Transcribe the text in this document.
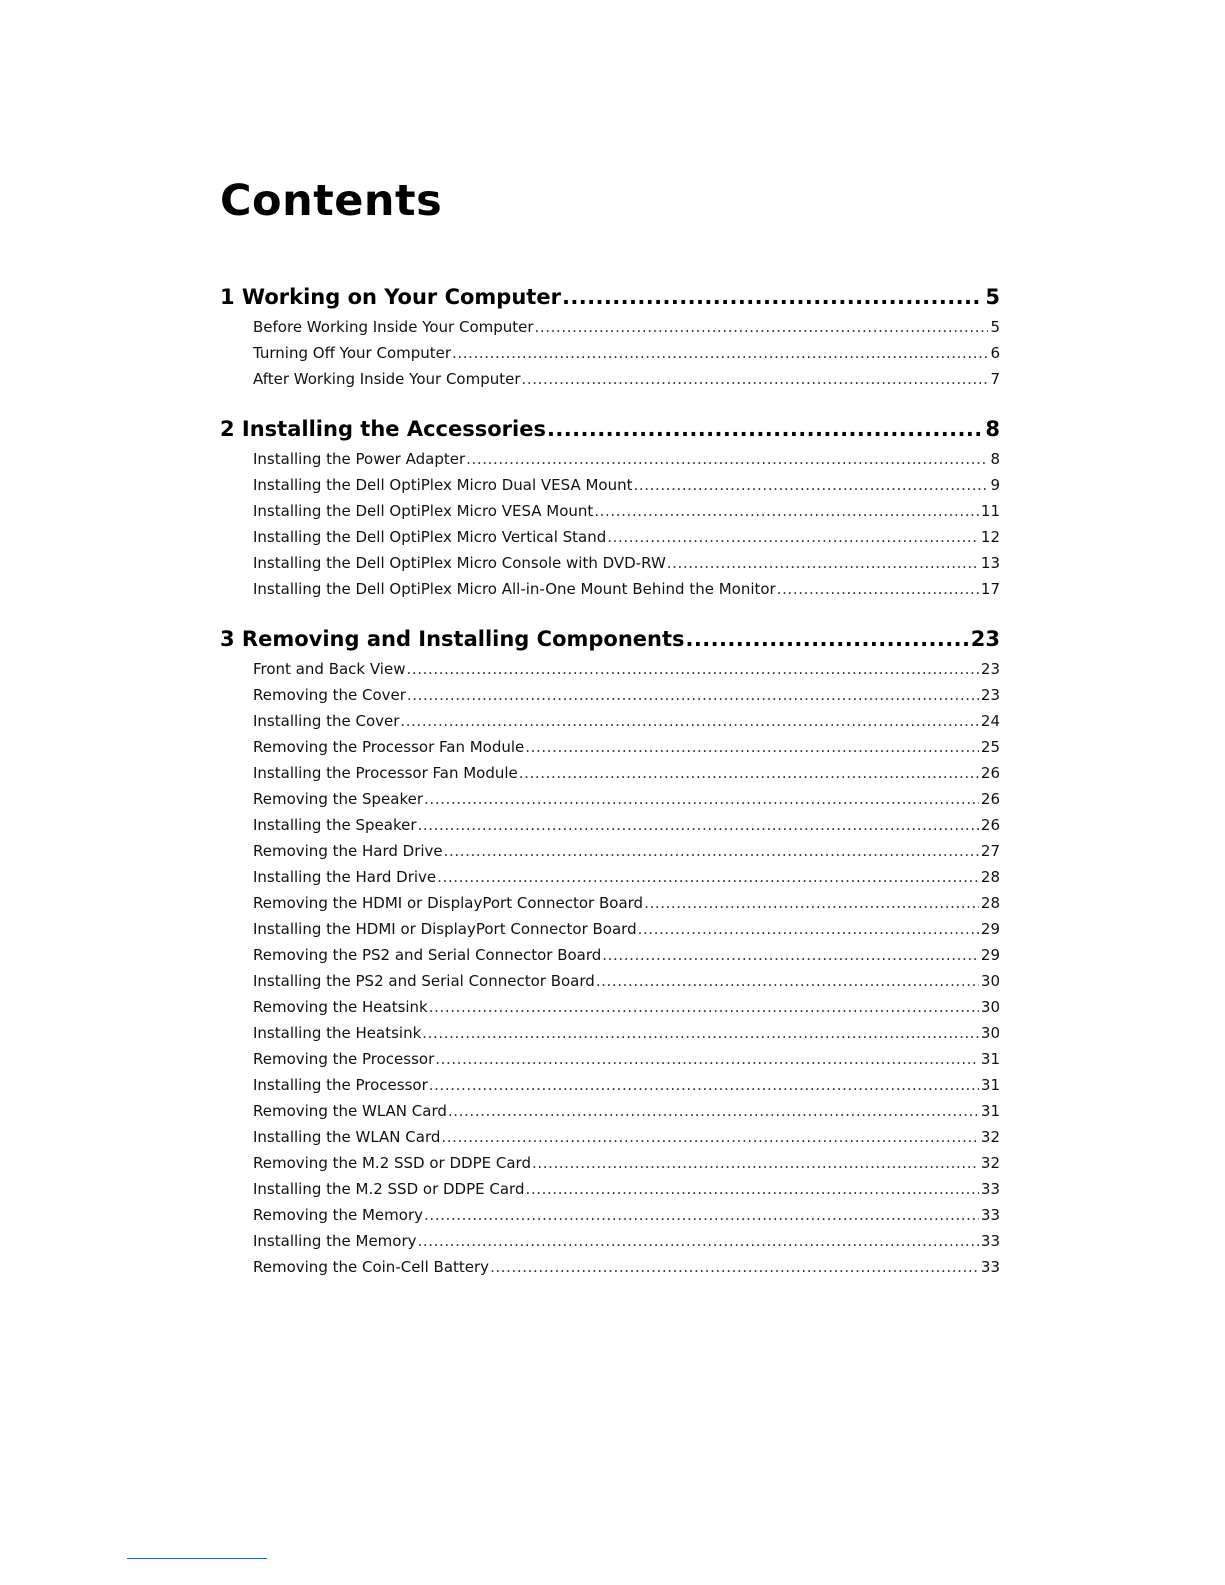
Contents
1 Working on Your Computer .....	5
Before Working Inside Your Computer .....	5
Turning Off Your Computer .....	6
After Working Inside Your Computer .....	7
2 Installing the Accessories .....	8
Installing the Power Adapter .....	8
Installing the Dell OptiPlex Micro Dual VESA Mount .....	9
Installing the Dell OptiPlex Micro VESA Mount .....	11
Installing the Dell OptiPlex Micro Vertical Stand .....	12
Installing the Dell OptiPlex Micro Console with DVD-RW .....	13
Installing the Dell OptiPlex Micro All-in-One Mount Behind the Monitor .....	17
3 Removing and Installing Components .....	23
Front and Back View .....	23
Removing the Cover .....	23
Installing the Cover .....	24
Removing the Processor Fan Module .....	25
Installing the Processor Fan Module .....	26
Removing the Speaker .....	26
Installing the Speaker .....	26
Removing the Hard Drive .....	27
Installing the Hard Drive .....	28
Removing the HDMI or DisplayPort Connector Board .....	28
Installing the HDMI or DisplayPort Connector Board .....	29
Removing the PS2 and Serial Connector Board .....	29
Installing the PS2 and Serial Connector Board .....	30
Removing the Heatsink .....	30
Installing the Heatsink .....	30
Removing the Processor .....	31
Installing the Processor .....	31
Removing the WLAN Card .....	31
Installing the WLAN Card .....	32
Removing the M.2 SSD or DDPE Card .....	32
Installing the M.2 SSD or DDPE Card .....	33
Removing the Memory .....	33
Installing the Memory .....	33
Removing the Coin-Cell Battery .....	33
